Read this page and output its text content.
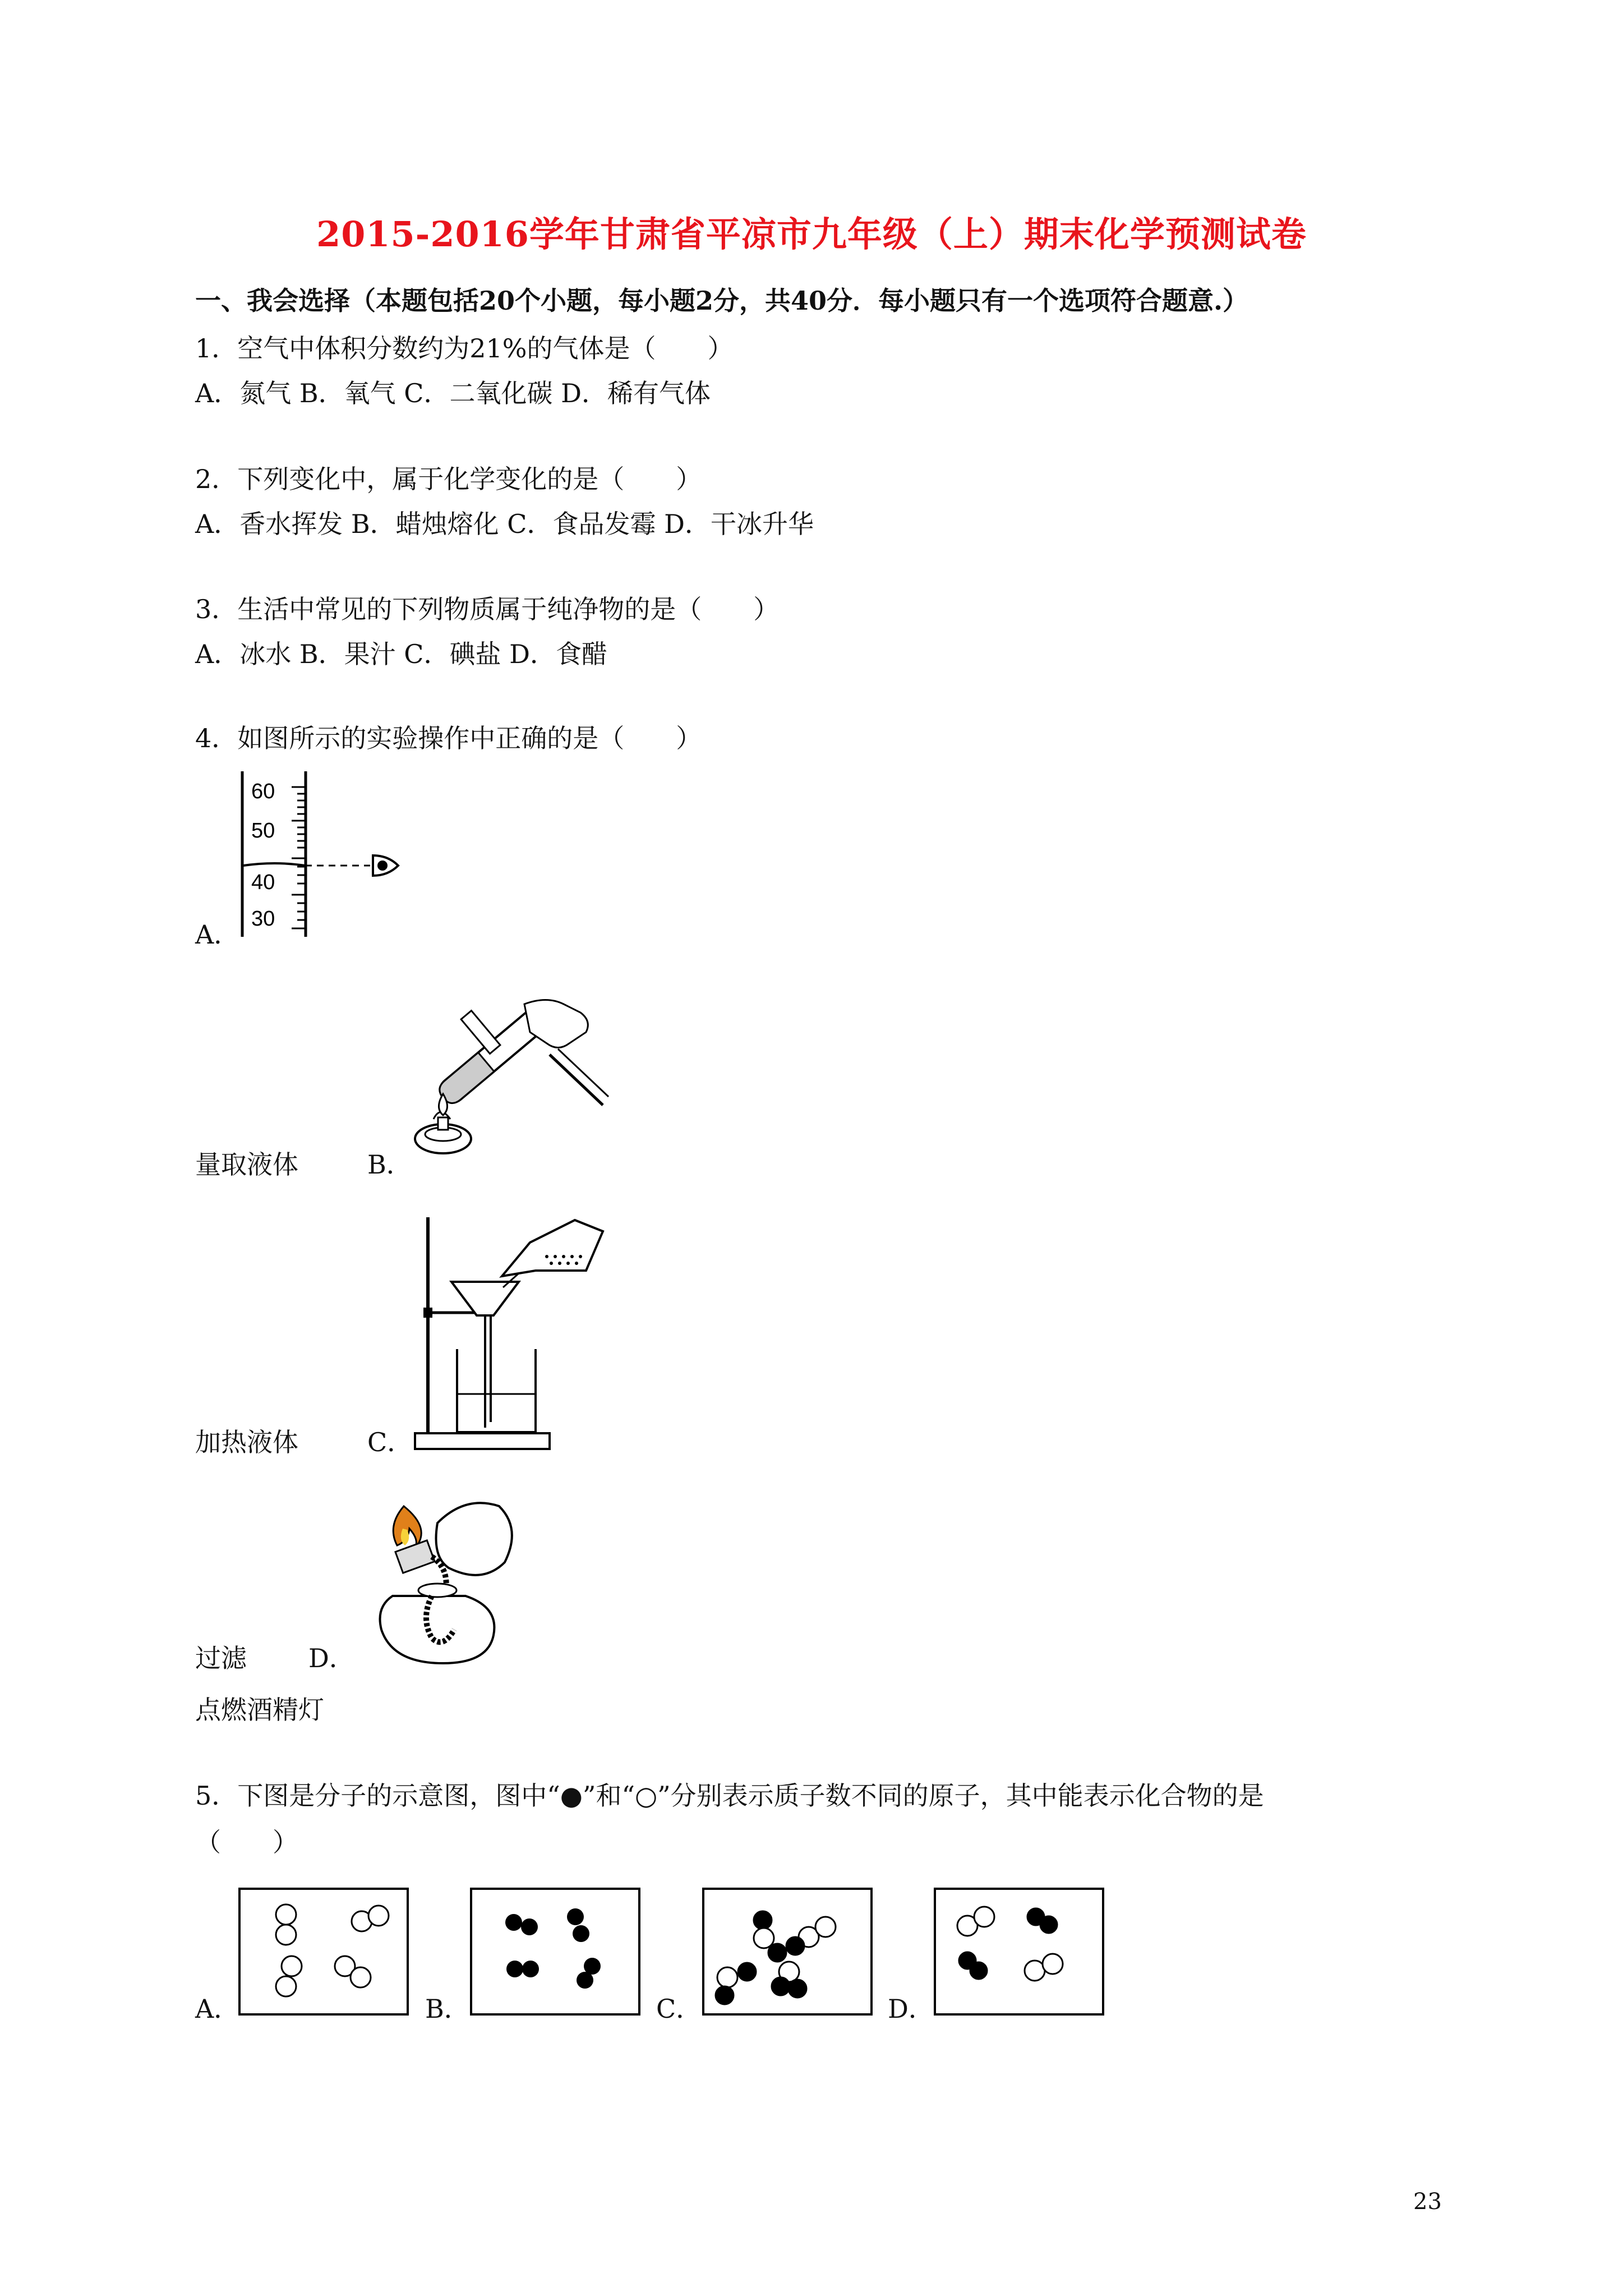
2015-2016学年甘肃省平凉市九年级（上）期末化学预测试卷
一、我会选择（本题包括20个小题，每小题2分，共40分．每小题只有一个选项符合题意.）
1．空气中体积分数约为21%的气体是（　　）
A．氮气 B．氧气 C．二氧化碳 D．稀有气体
2．下列变化中，属于化学变化的是（　　）
A．香水挥发 B．蜡烛熔化 C．食品发霉 D．干冰升华
3．生活中常见的下列物质属于纯净物的是（　　）
A．冰水 B．果汁 C．碘盐 D．食醋
4．如图所示的实验操作中正确的是（　　）
60
50
40
30
A．
量取液体	B．
加热液体	C．
过滤 D．
点燃酒精灯
5．下图是分子的示意图，图中“●”和“○”分别表示质子数不同的原子，其中能表示化合物的是
（　　）
A．	B．	C．	D．
23
